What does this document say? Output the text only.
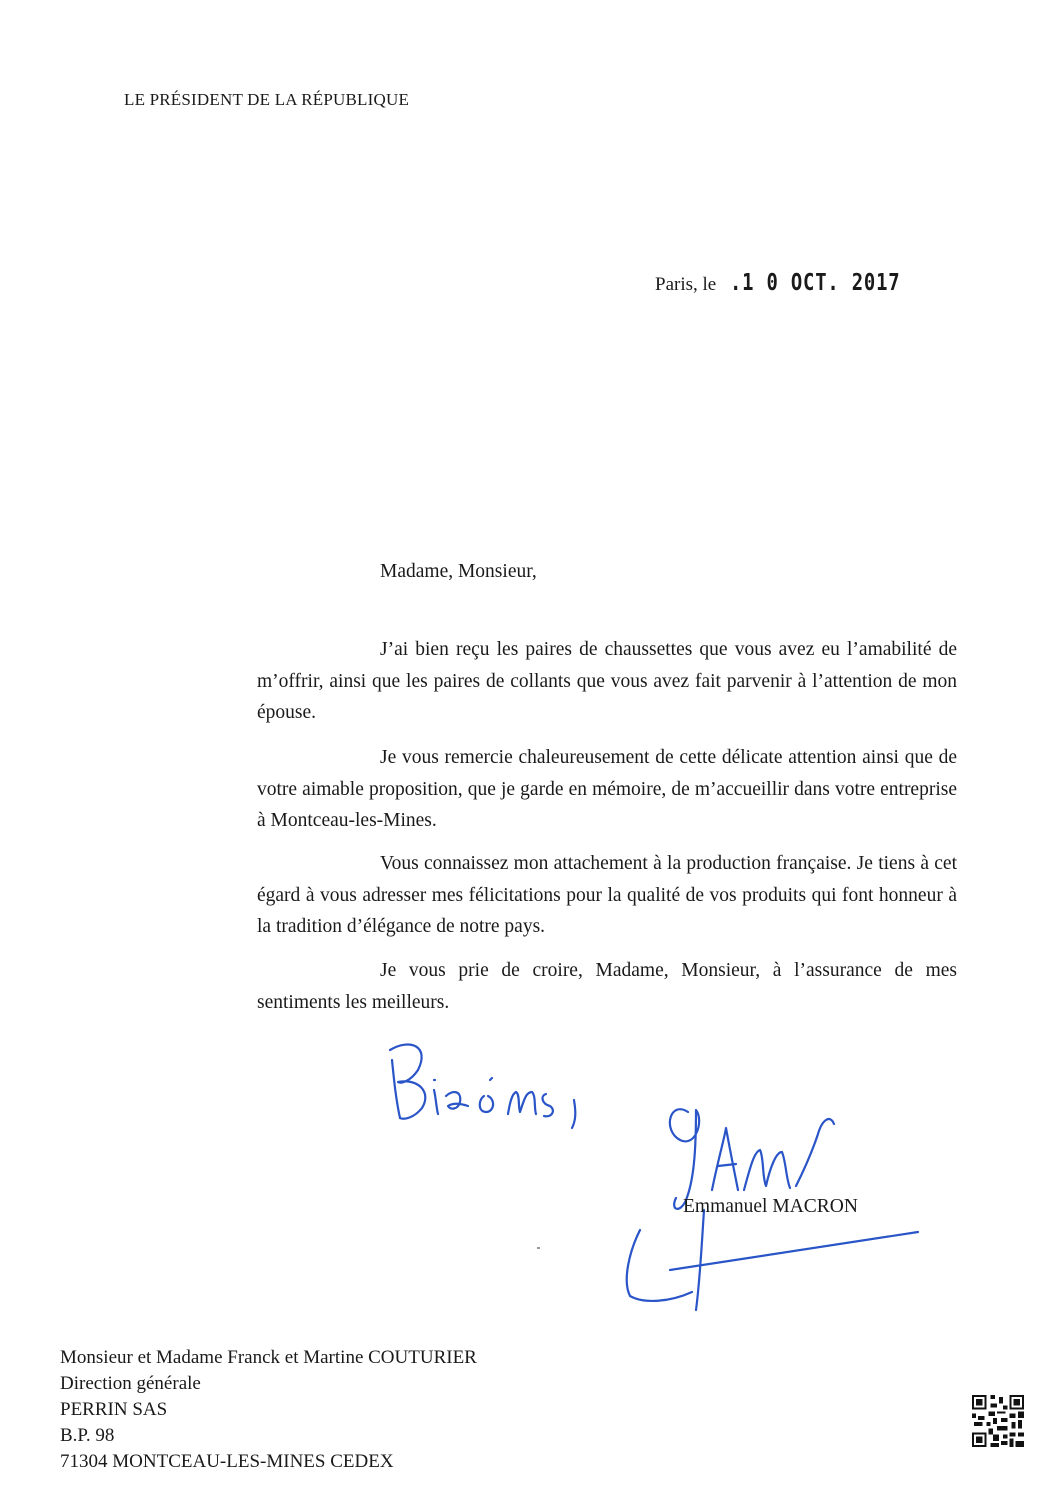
LE PRÉSIDENT DE LA RÉPUBLIQUE
Paris, le .1 0 OCT. 2017
Madame, Monsieur,

J’ai bien reçu les paires de chaussettes que vous avez eu l’amabilité de m’offrir, ainsi que les paires de collants que vous avez fait parvenir à l’attention de mon épouse.

Je vous remercie chaleureusement de cette délicate attention ainsi que de votre aimable proposition, que je garde en mémoire, de m’accueillir dans votre entreprise à Montceau-les-Mines.

Vous connaissez mon attachement à la production française. Je tiens à cet égard à vous adresser mes félicitations pour la qualité de vos produits qui font honneur à la tradition d’élégance de notre pays.

Je vous prie de croire, Madame, Monsieur, à l’assurance de mes sentiments les meilleurs.

Emmanuel MACRON
Monsieur et Madame Franck et Martine COUTURIER
Direction générale
PERRIN SAS
B.P. 98
71304 MONTCEAU-LES-MINES CEDEX
